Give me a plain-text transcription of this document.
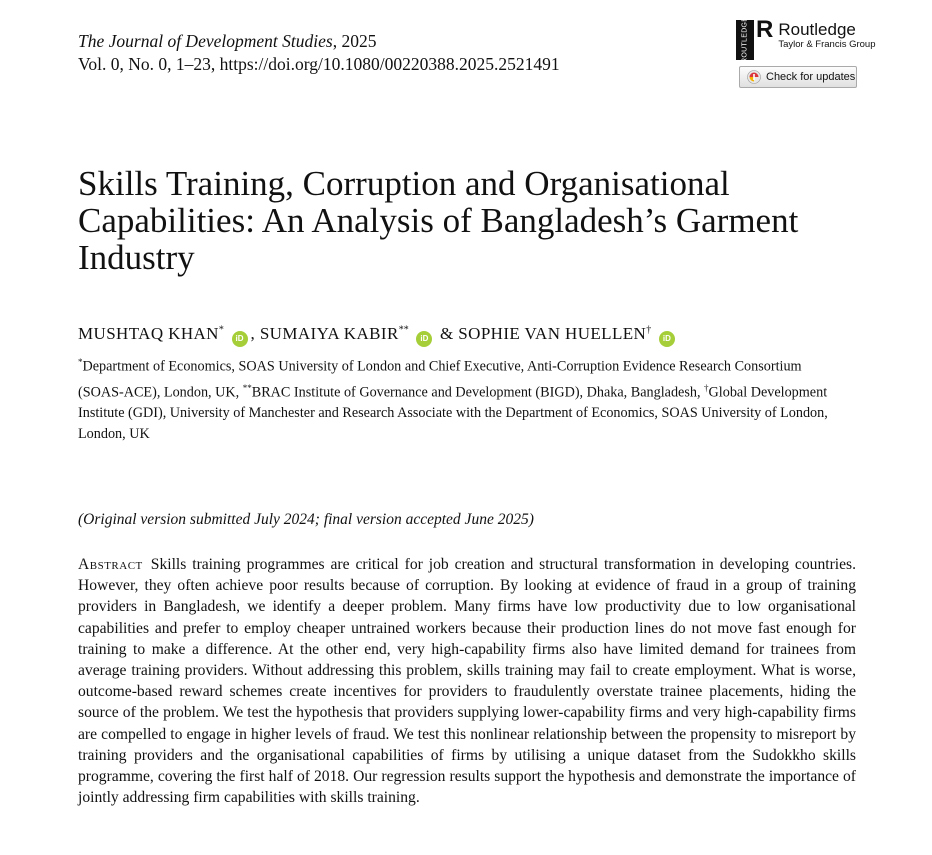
The Journal of Development Studies, 2025
Vol. 0, No. 0, 1–23, https://doi.org/10.1080/00220388.2025.2521491
ROUTLEDGE R Routledge
Taylor & Francis Group
Check for updates
Skills Training, Corruption and Organisational Capabilities: An Analysis of Bangladesh’s Garment Industry
MUSHTAQ KHAN* iD , SUMAIYA KABIR** iD & SOPHIE VAN HUELLEN† iD
*Department of Economics, SOAS University of London and Chief Executive, Anti-Corruption Evidence Research Consortium (SOAS-ACE), London, UK, **BRAC Institute of Governance and Development (BIGD), Dhaka, Bangladesh, †Global Development Institute (GDI), University of Manchester and Research Associate with the Department of Economics, SOAS University of London, London, UK
(Original version submitted July 2024; final version accepted June 2025)

Abstract Skills training programmes are critical for job creation and structural transformation in developing countries. However, they often achieve poor results because of corruption. By looking at evidence of fraud in a group of training providers in Bangladesh, we identify a deeper problem. Many firms have low productivity due to low organisational capabilities and prefer to employ cheaper untrained workers because their production lines do not move fast enough for training to make a difference. At the other end, very high-capability firms also have limited demand for trainees from average training providers. Without addressing this problem, skills training may fail to create employment. What is worse, outcome-based reward schemes create incentives for providers to fraudulently overstate trainee placements, hiding the source of the problem. We test the hypothesis that providers supplying lower-capability firms and very high-capability firms are compelled to engage in higher levels of fraud. We test this nonlinear relationship between the propensity to misreport by training providers and the organisational capabilities of firms by utilising a unique dataset from the Sudokkho skills programme, covering the first half of 2018. Our regression results support the hypothesis and demonstrate the importance of jointly addressing firm capabilities with skills training.
